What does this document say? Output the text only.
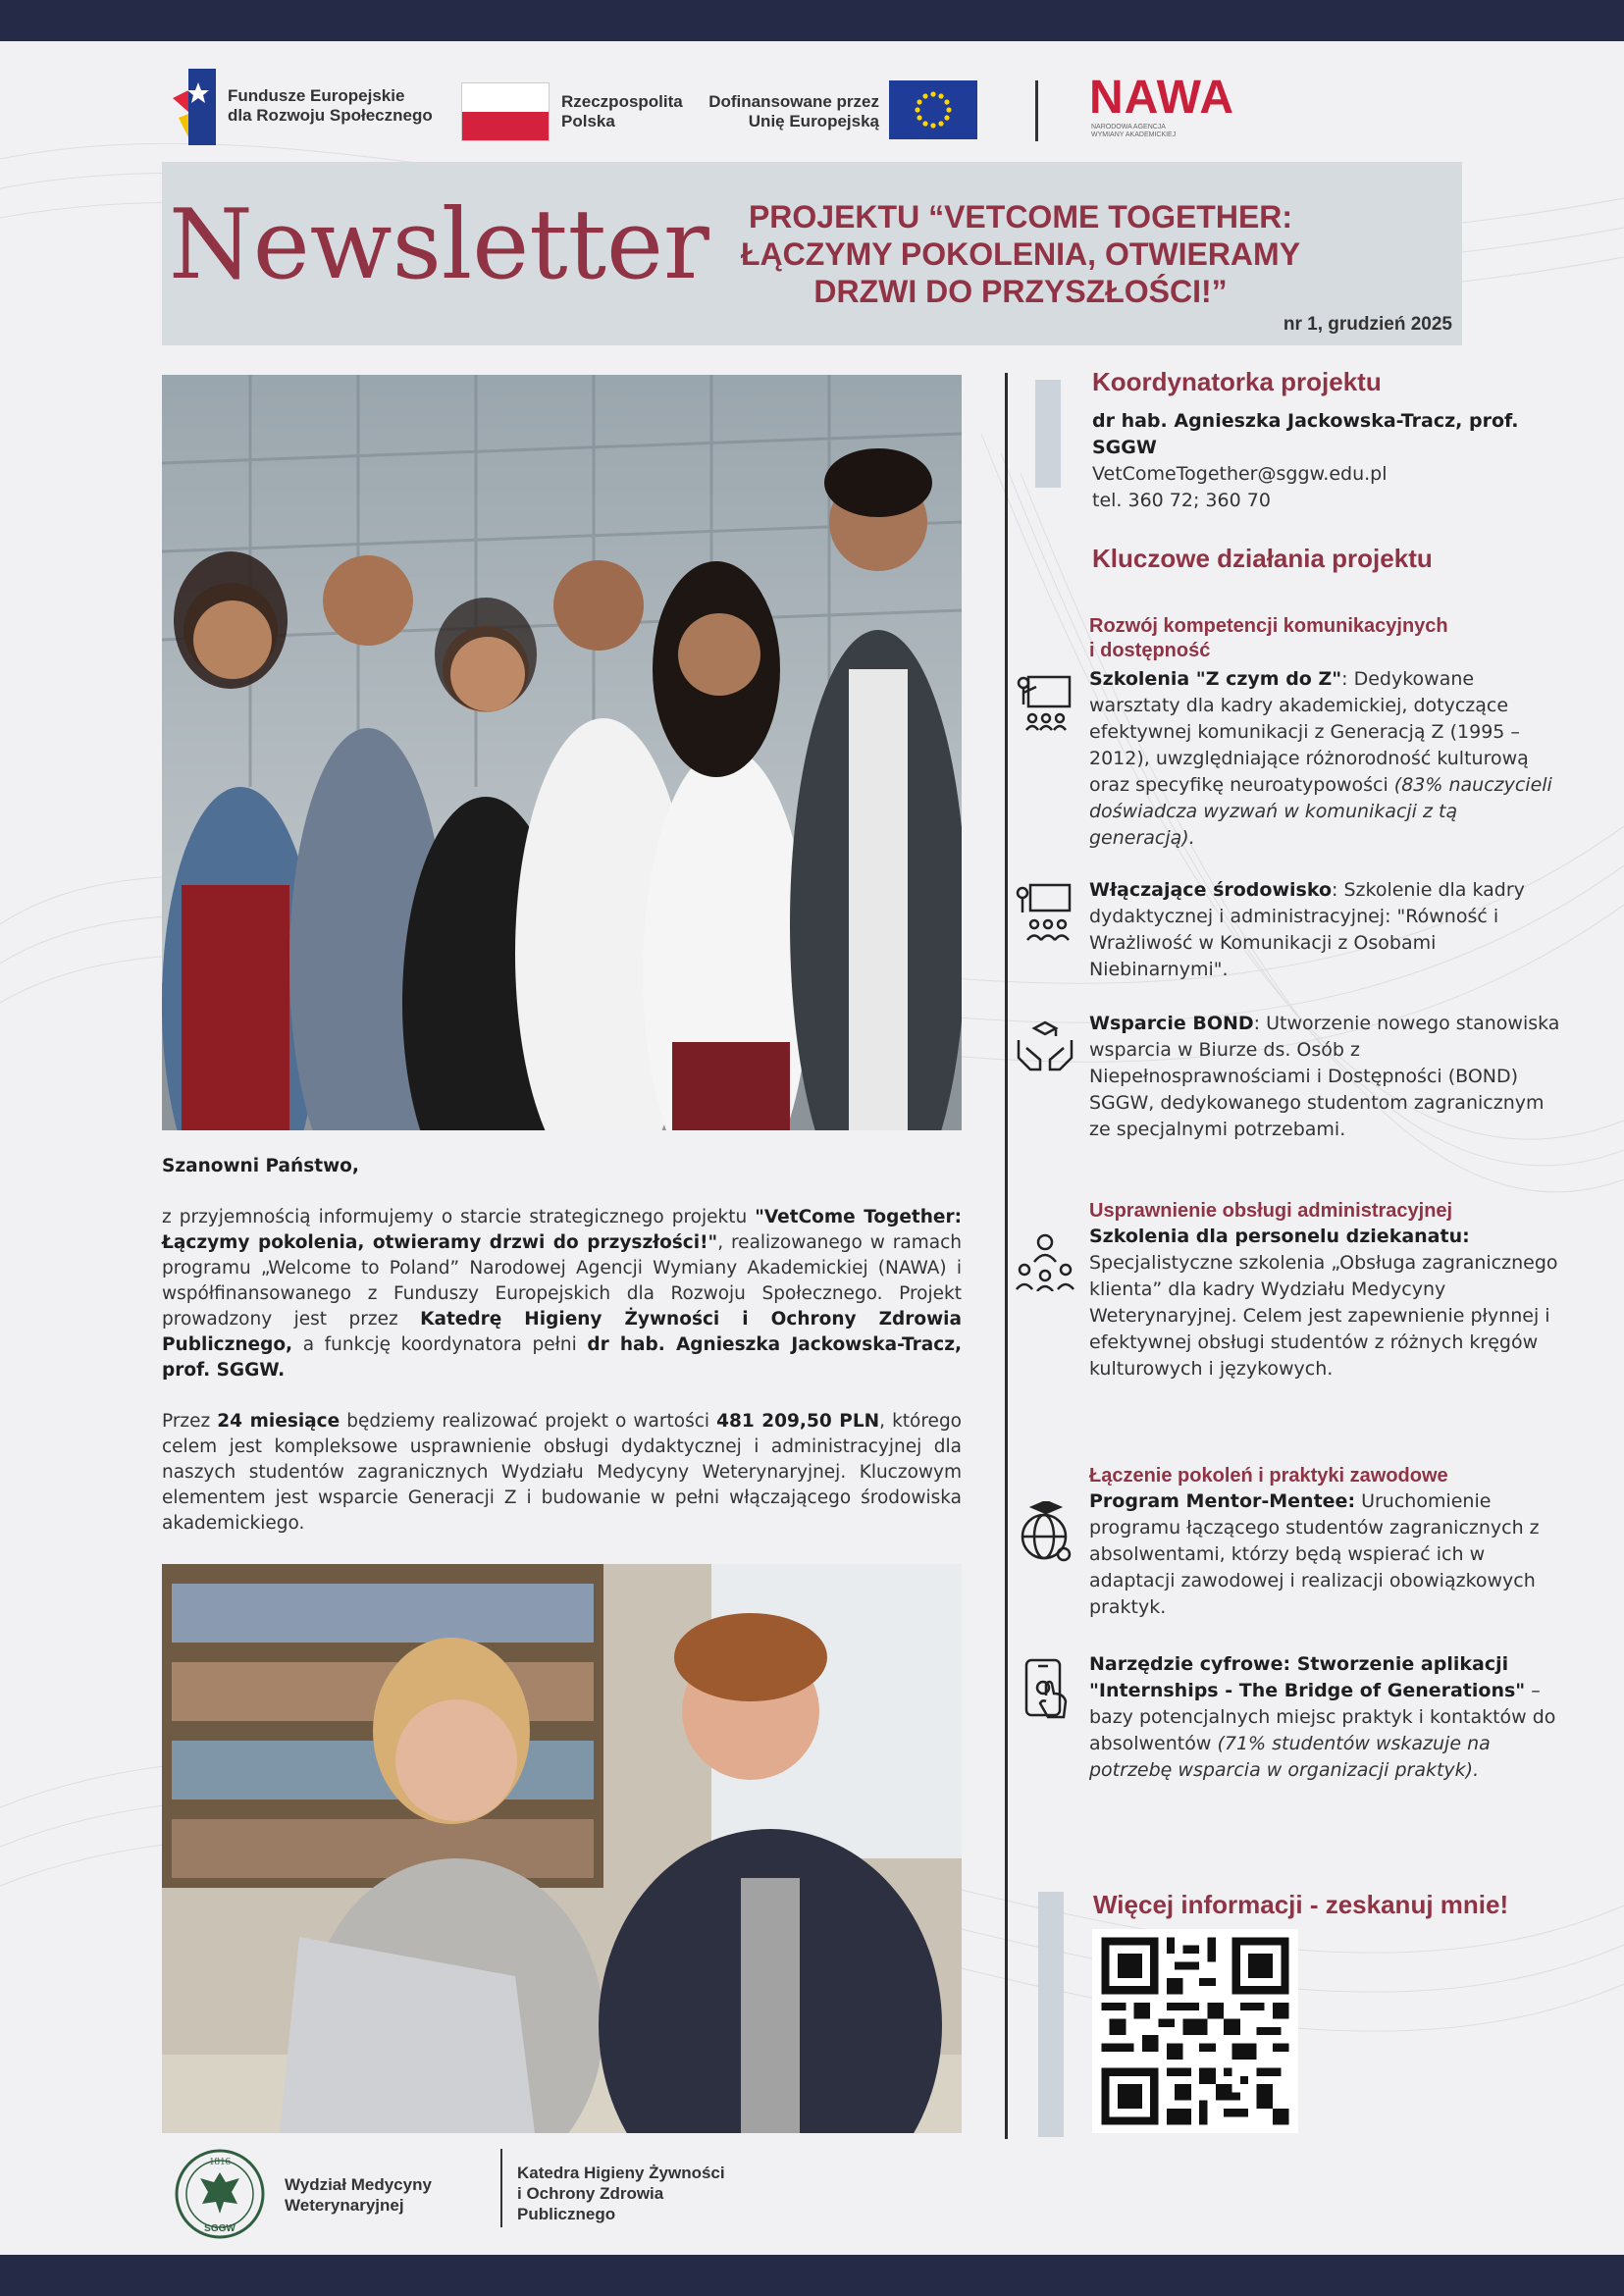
Fundusze Europejskie
dla Rozwoju Społecznego
Rzeczpospolita
Polska
Dofinansowane przez
Unię Europejską	NAWA
NARODOWA AGENCJA
WYMIANY AKADEMICKIEJ
Newsletter	PROJEKTU “VETCOME TOGETHER:
ŁĄCZYMY POKOLENIA, OTWIERAMY
DRZWI DO PRZYSZŁOŚCI!”
nr 1, grudzień 2025

Szanowni Państwo,

z przyjemnością informujemy o starcie strategicznego projektu "VetCome Together: Łączymy pokolenia, otwieramy drzwi do przyszłości!", realizowanego w ramach programu „Welcome to Poland” Narodowej Agencji Wymiany Akademickiej (NAWA) i współfinansowanego z Funduszy Europejskich dla Rozwoju Społecznego. Projekt prowadzony jest przez Katedrę Higieny Żywności i Ochrony Zdrowia Publicznego, a funkcję koordynatora pełni dr hab. Agnieszka Jackowska-Tracz, prof. SGGW.

Przez 24 miesiące będziemy realizować projekt o wartości 481 209,50 PLN, którego celem jest kompleksowe usprawnienie obsługi dydaktycznej i administracyjnej dla naszych studentów zagranicznych Wydziału Medycyny Weterynaryjnej. Kluczowym elementem jest wsparcie Generacji Z i budowanie w pełni włączającego środowiska akademickiego.

Koordynatorka projektu
dr hab. Agnieszka Jackowska-Tracz, prof. SGGW
VetComeTogether@sggw.edu.pl
tel. 360 72; 360 70
Kluczowe działania projektu
Rozwój kompetencji komunikacyjnych
i dostępność
Szkolenia "Z czym do Z": Dedykowane warsztaty dla kadry akademickiej, dotyczące efektywnej komunikacji z Generacją Z (1995 – 2012), uwzględniające różnorodność kulturową oraz specyfikę neuroatypowości (83% nauczycieli doświadcza wyzwań w komunikacji z tą generacją).
Włączające środowisko: Szkolenie dla kadry dydaktycznej i administracyjnej: "Równość i Wrażliwość w Komunikacji z Osobami Niebinarnymi".
Wsparcie BOND: Utworzenie nowego stanowiska wsparcia w Biurze ds. Osób z Niepełnosprawnościami i Dostępności (BOND) SGGW, dedykowanego studentom zagranicznym ze specjalnymi potrzebami.
Usprawnienie obsługi administracyjnej
Szkolenia dla personelu dziekanatu: Specjalistyczne szkolenia „Obsługa zagranicznego klienta” dla kadry Wydziału Medycyny Weterynaryjnej. Celem jest zapewnienie płynnej i efektywnej obsługi studentów z różnych kręgów kulturowych i językowych.
Łączenie pokoleń i praktyki zawodowe
Program Mentor-Mentee: Uruchomienie programu łączącego studentów zagranicznych z absolwentami, którzy będą wspierać ich w adaptacji zawodowej i realizacji obowiązkowych praktyk.
Narzędzie cyfrowe: Stworzenie aplikacji "Internships - The Bridge of Generations" – bazy potencjalnych miejsc praktyk i kontaktów do absolwentów (71% studentów wskazuje na potrzebę wsparcia w organizacji praktyk).
Więcej informacji - zeskanuj mnie!
1816
SGGW
Wydział Medycyny
Weterynaryjnej
Katedra Higieny Żywności
i Ochrony Zdrowia
Publicznego
